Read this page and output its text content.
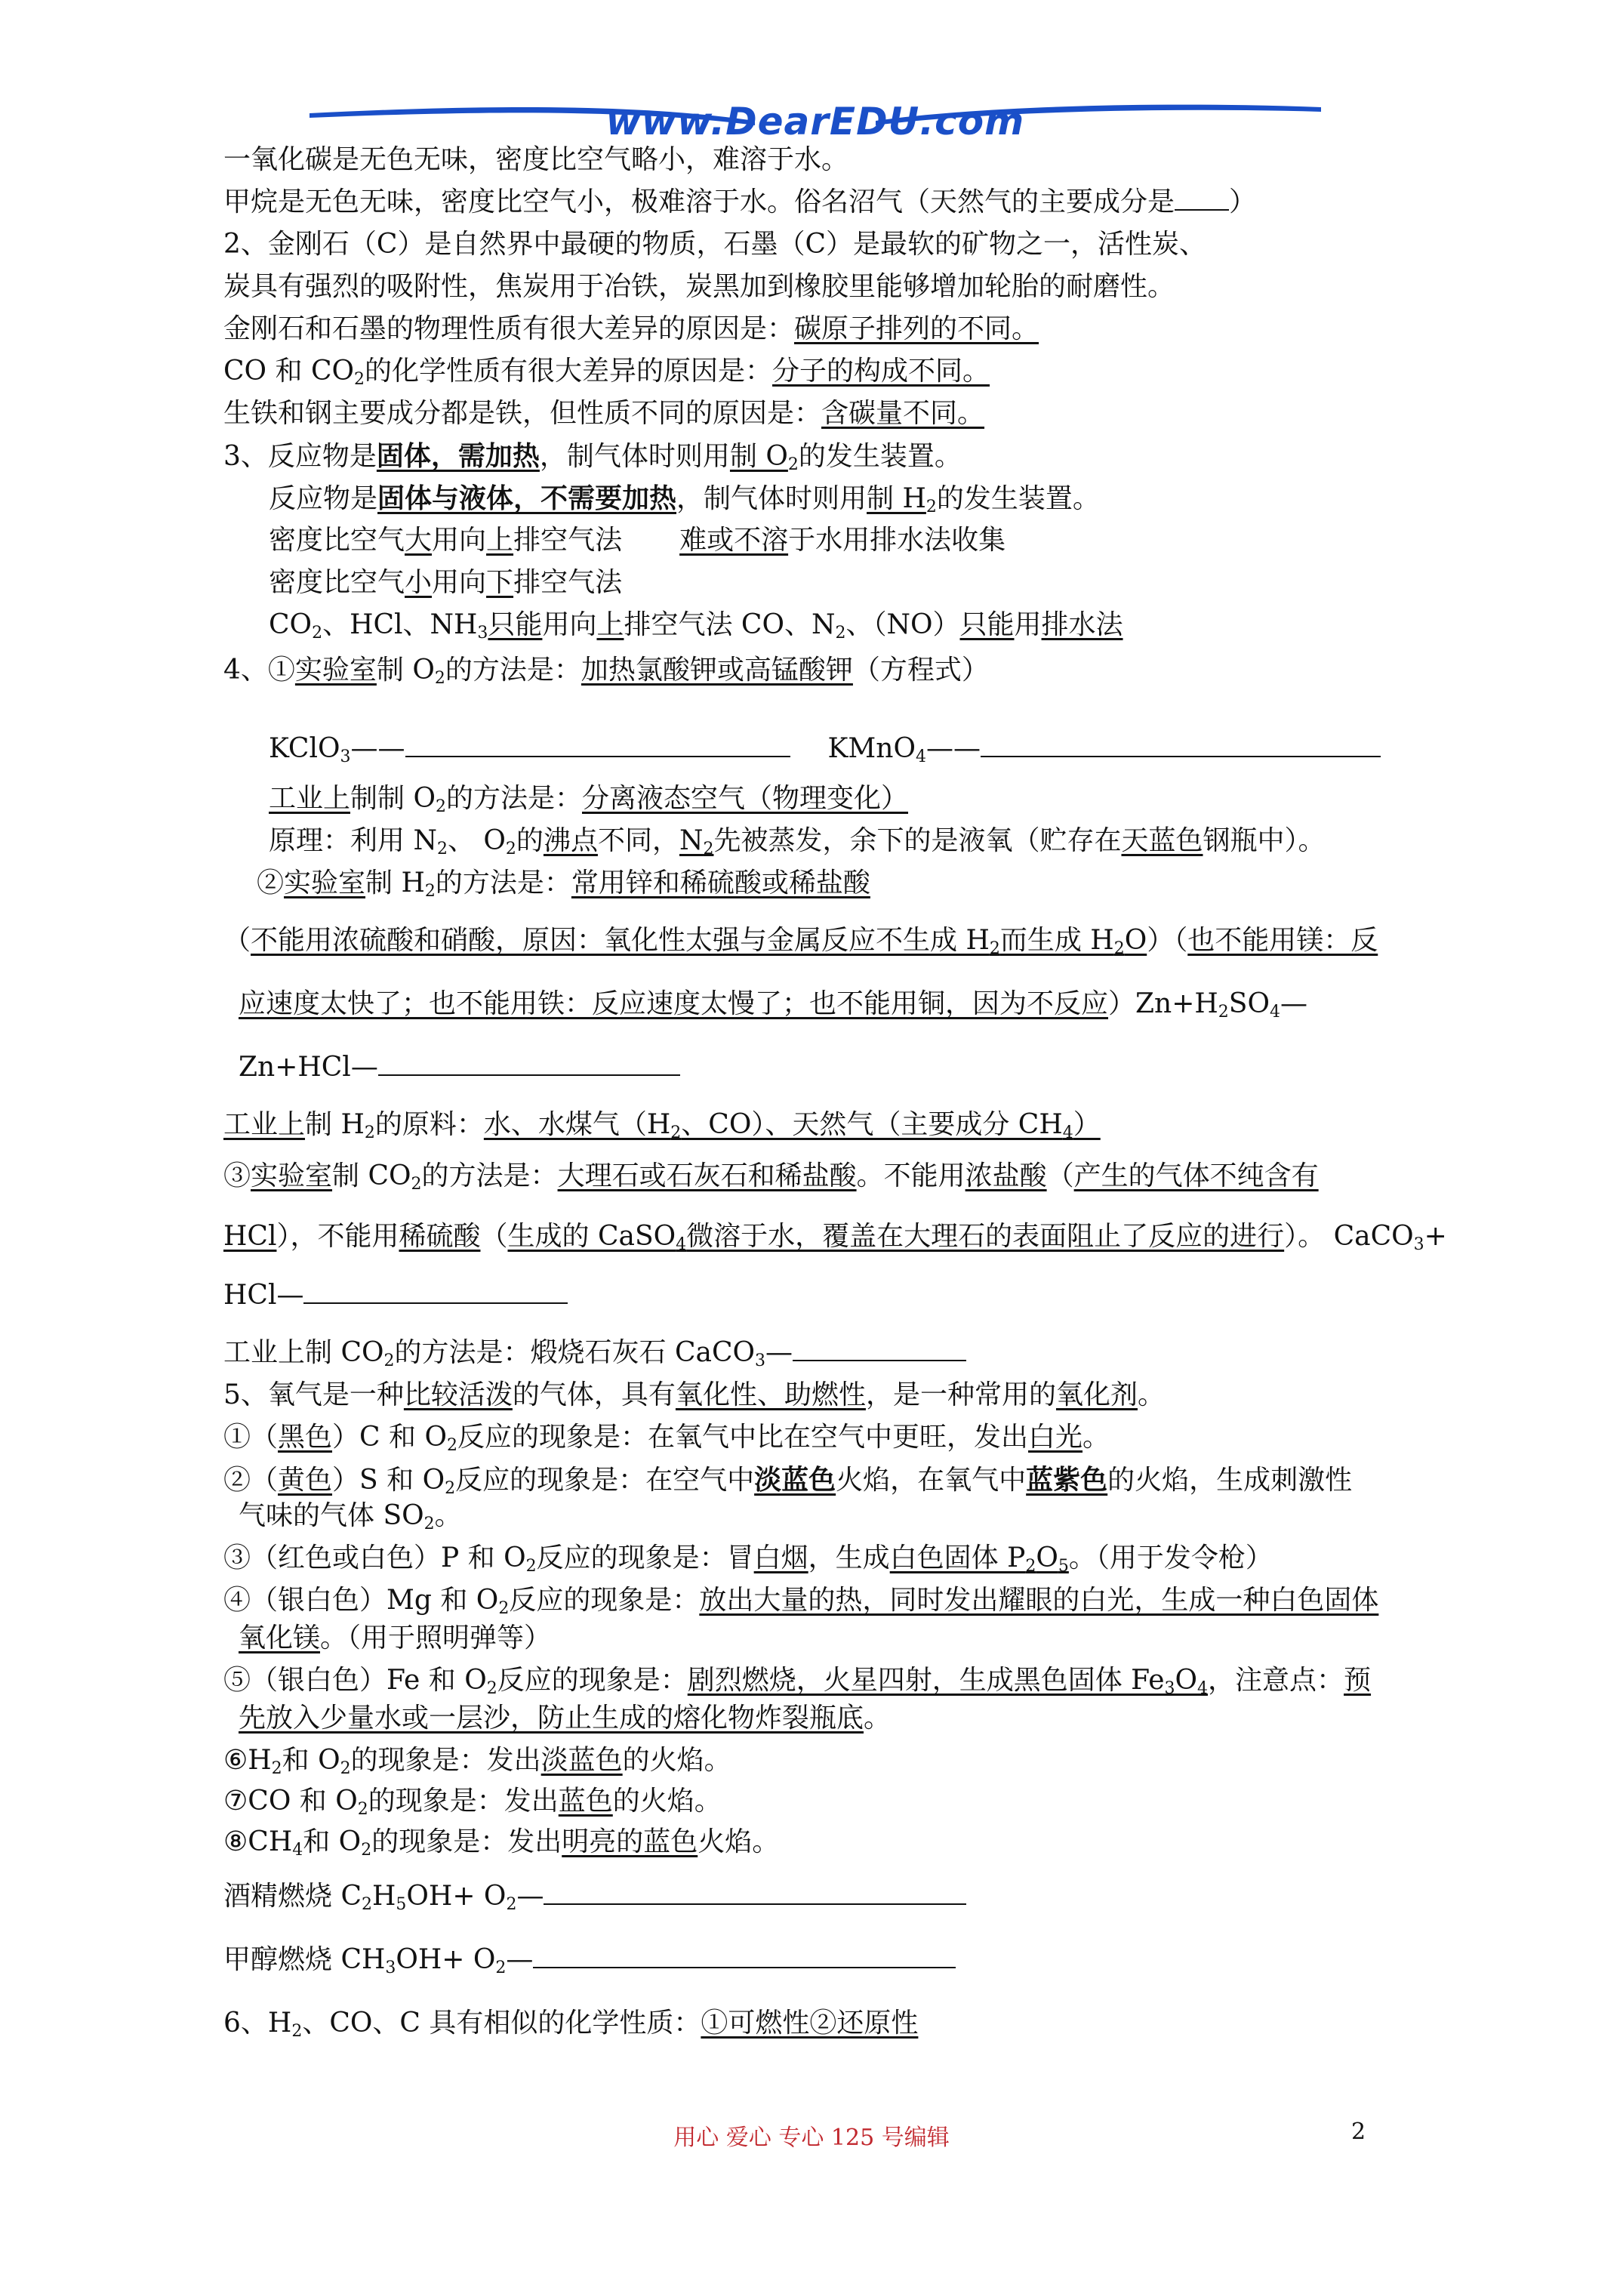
www.DearEDU.com
一氧化碳是无色无味，密度比空气略小，难溶于水。
甲烷是无色无味，密度比空气小，极难溶于水。俗名沼气（天然气的主要成分是 ）
2、金刚石（C）是自然界中最硬的物质，石墨（C）是最软的矿物之一，活性炭、
炭具有强烈的吸附性，焦炭用于冶铁，炭黑加到橡胶里能够增加轮胎的耐磨性。
金刚石和石墨的物理性质有很大差异的原因是：碳原子排列的不同。
CO 和 $CO_2$的化学性质有很大差异的原因是：分子的构成不同。
生铁和钢主要成分都是铁，但性质不同的原因是：含碳量不同。
3、反应物是固体，需加热，制气体时则用制 $O_2$的发生装置。
反应物是固体与液体，不需要加热，制气体时则用制 $H_2$的发生装置。
密度比空气大用向上排空气法 难或不溶于水用排水法收集
密度比空气小用向下排空气法
$CO_2$、HCl、$NH_3$只能用向上排空气法 CO、$N_2$、（NO）只能用排水法
4、①实验室制 $O_2$的方法是：加热氯酸钾或高锰酸钾（方程式）
KClO$_3$——	KMnO$_4$——
工业上制制 $O_2$的方法是：分离液态空气（物理变化）
原理：利用 $N_2$、 $O_2$的沸点不同，$N_2$先被蒸发，余下的是液氧（贮存在天蓝色钢瓶中）。
②实验室制 $H_2$的方法是：常用锌和稀硫酸或稀盐酸
（不能用浓硫酸和硝酸，原因：氧化性太强与金属反应不生成 $H_2$而生成 $H_2O$）（也不能用镁：反
应速度太快了；也不能用铁：反应速度太慢了；也不能用铜，因为不反应）$Zn+H_2SO_4—$
Zn+HCl—
工业上制 $H_2$的原料：水、水煤气（$H_2$、CO）、天然气（主要成分 $CH_4$）
③实验室制 $CO_2$的方法是：大理石或石灰石和稀盐酸。不能用浓盐酸（产生的气体不纯含有
HCl），不能用稀硫酸（生成的 CaSO$_4$微溶于水，覆盖在大理石的表面阻止了反应的进行）。 CaCO$_3$+
HCl—
工业上制 $CO_2$的方法是：煅烧石灰石 CaCO$_3$—
5、氧气是一种比较活泼的气体，具有氧化性、助燃性，是一种常用的氧化剂。
①（黑色）C 和 $O_2$反应的现象是：在氧气中比在空气中更旺，发出白光。
②（黄色）S 和 $O_2$反应的现象是：在空气中淡蓝色火焰，在氧气中蓝紫色的火焰，生成刺激性
气味的气体 $SO_2$。
③（红色或白色）P 和 $O_2$反应的现象是：冒白烟，生成白色固体 $P_2O_5$。（用于发令枪）
④（银白色）Mg 和 $O_2$反应的现象是：放出大量的热，同时发出耀眼的白光，生成一种白色固体
氧化镁。（用于照明弹等）
⑤（银白色）Fe 和 $O_2$反应的现象是：剧烈燃烧，火星四射，生成黑色固体 $Fe_3O_4$，注意点：预
先放入少量水或一层沙，防止生成的熔化物炸裂瓶底。
$⑥H_2$和 $O_2$的现象是：发出淡蓝色的火焰。
⑦CO 和 $O_2$的现象是：发出蓝色的火焰。
$⑧CH_4$和 $O_2$的现象是：发出明亮的蓝色火焰。
酒精燃烧 $C_2H_5OH+$ $O_2—$
甲醇燃烧 $CH_3OH+$ $O_2—$
6、$H_2$、CO、C 具有相似的化学性质：①可燃性②还原性
用心 爱心 专心 125 号编辑	2
